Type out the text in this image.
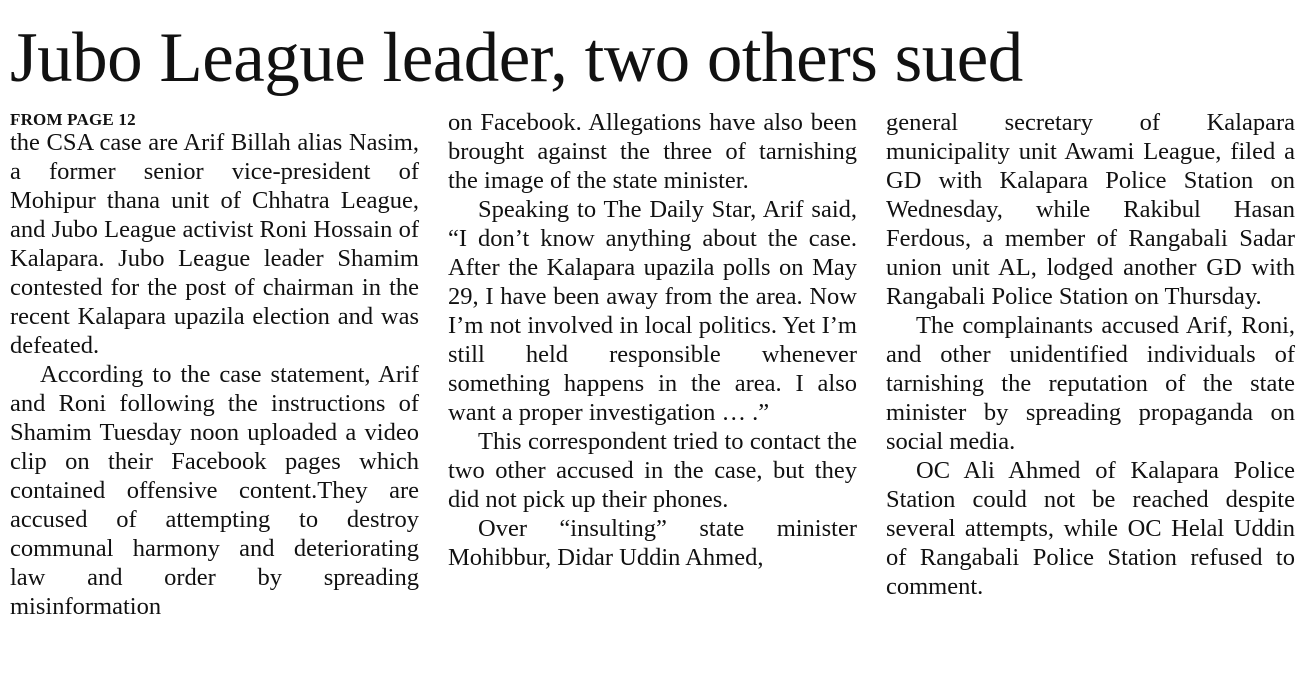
Jubo League leader, two others sued
FROM PAGE 12

the CSA case are Arif Billah alias Nasim, a former senior vice-president of Mohipur thana unit of Chhatra League, and Jubo League activist Roni Hossain of Kalapara. Jubo League leader Shamim contested for the post of chairman in the recent Kalapara upazila election and was defeated.

According to the case statement, Arif and Roni following the instructions of Shamim Tuesday noon uploaded a video clip on their Facebook pages which contained offensive content.They are accused of attempting to destroy communal harmony and deteriorating law and order by spreading misinformation

on Facebook. Allegations have also been brought against the three of tarnishing the image of the state minister.

Speaking to The Daily Star, Arif said, “I don’t know anything about the case. After the Kalapara upazila polls on May 29, I have been away from the area. Now I’m not involved in local politics. Yet I’m still held responsible whenever something happens in the area. I also want a proper investigation … .”

This correspondent tried to contact the two other accused in the case, but they did not pick up their phones.

Over “insulting” state minister Mohibbur, Didar Uddin Ahmed,

general secretary of Kalapara municipality unit Awami League, filed a GD with Kalapara Police Station on Wednesday, while Rakibul Hasan Ferdous, a member of Rangabali Sadar union unit AL, lodged another GD with Rangabali Police Station on Thursday.

The complainants accused Arif, Roni, and other unidentified individuals of tarnishing the reputation of the state minister by spreading propaganda on social media.

OC Ali Ahmed of Kalapara Police Station could not be reached despite several attempts, while OC Helal Uddin of Rangabali Police Station refused to comment.
